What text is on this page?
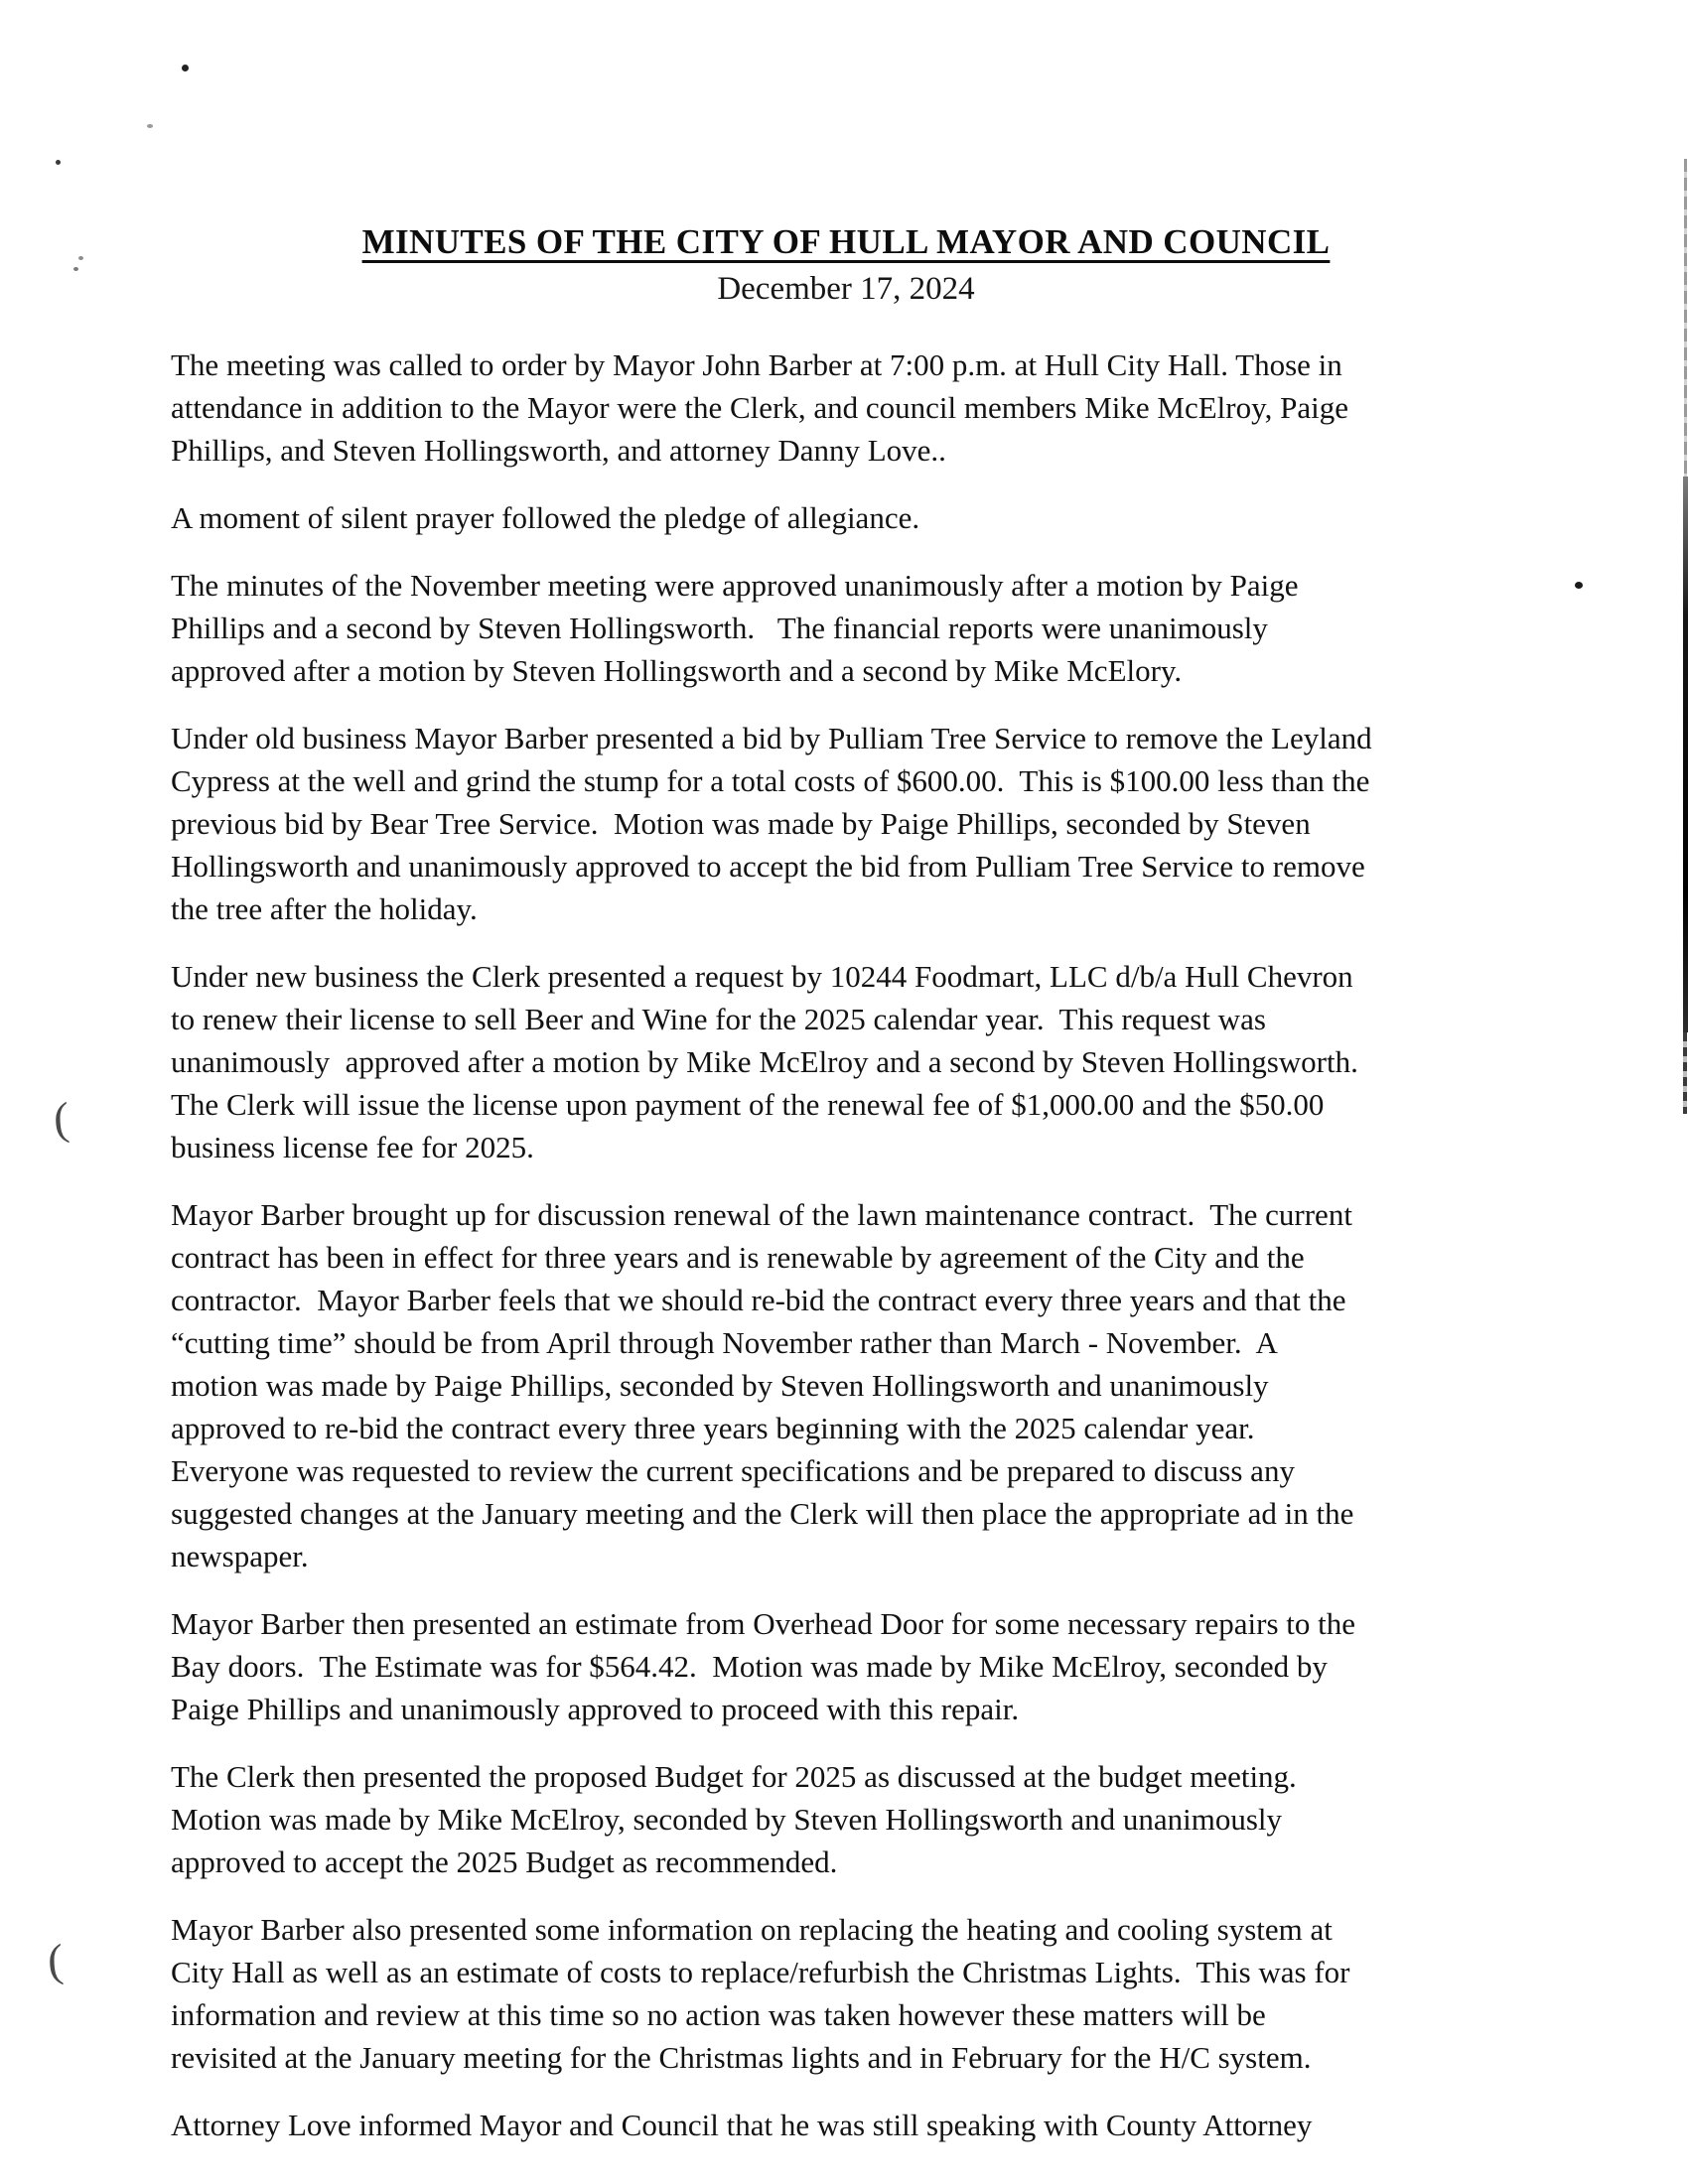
MINUTES OF THE CITY OF HULL MAYOR AND COUNCIL
December 17, 2024
The meeting was called to order by Mayor John Barber at 7:00 p.m. at Hull City Hall. Those in
attendance in addition to the Mayor were the Clerk, and council members Mike McElroy, Paige
Phillips, and Steven Hollingsworth, and attorney Danny Love..
A moment of silent prayer followed the pledge of allegiance.
The minutes of the November meeting were approved unanimously after a motion by Paige
Phillips and a second by Steven Hollingsworth.   The financial reports were unanimously
approved after a motion by Steven Hollingsworth and a second by Mike McElory.
Under old business Mayor Barber presented a bid by Pulliam Tree Service to remove the Leyland
Cypress at the well and grind the stump for a total costs of $600.00.  This is $100.00 less than the
previous bid by Bear Tree Service.  Motion was made by Paige Phillips, seconded by Steven
Hollingsworth and unanimously approved to accept the bid from Pulliam Tree Service to remove
the tree after the holiday.
Under new business the Clerk presented a request by 10244 Foodmart, LLC d/b/a Hull Chevron
to renew their license to sell Beer and Wine for the 2025 calendar year.  This request was
unanimously  approved after a motion by Mike McElroy and a second by Steven Hollingsworth.
The Clerk will issue the license upon payment of the renewal fee of $1,000.00 and the $50.00
business license fee for 2025.
Mayor Barber brought up for discussion renewal of the lawn maintenance contract.  The current
contract has been in effect for three years and is renewable by agreement of the City and the
contractor.  Mayor Barber feels that we should re-bid the contract every three years and that the
“cutting time” should be from April through November rather than March - November.  A
motion was made by Paige Phillips, seconded by Steven Hollingsworth and unanimously
approved to re-bid the contract every three years beginning with the 2025 calendar year.
Everyone was requested to review the current specifications and be prepared to discuss any
suggested changes at the January meeting and the Clerk will then place the appropriate ad in the
newspaper.
Mayor Barber then presented an estimate from Overhead Door for some necessary repairs to the
Bay doors.  The Estimate was for $564.42.  Motion was made by Mike McElroy, seconded by
Paige Phillips and unanimously approved to proceed with this repair.
The Clerk then presented the proposed Budget for 2025 as discussed at the budget meeting.
Motion was made by Mike McElroy, seconded by Steven Hollingsworth and unanimously
approved to accept the 2025 Budget as recommended.
Mayor Barber also presented some information on replacing the heating and cooling system at
City Hall as well as an estimate of costs to replace/refurbish the Christmas Lights.  This was for
information and review at this time so no action was taken however these matters will be
revisited at the January meeting for the Christmas lights and in February for the H/C system.
Attorney Love informed Mayor and Council that he was still speaking with County Attorney
(
(
